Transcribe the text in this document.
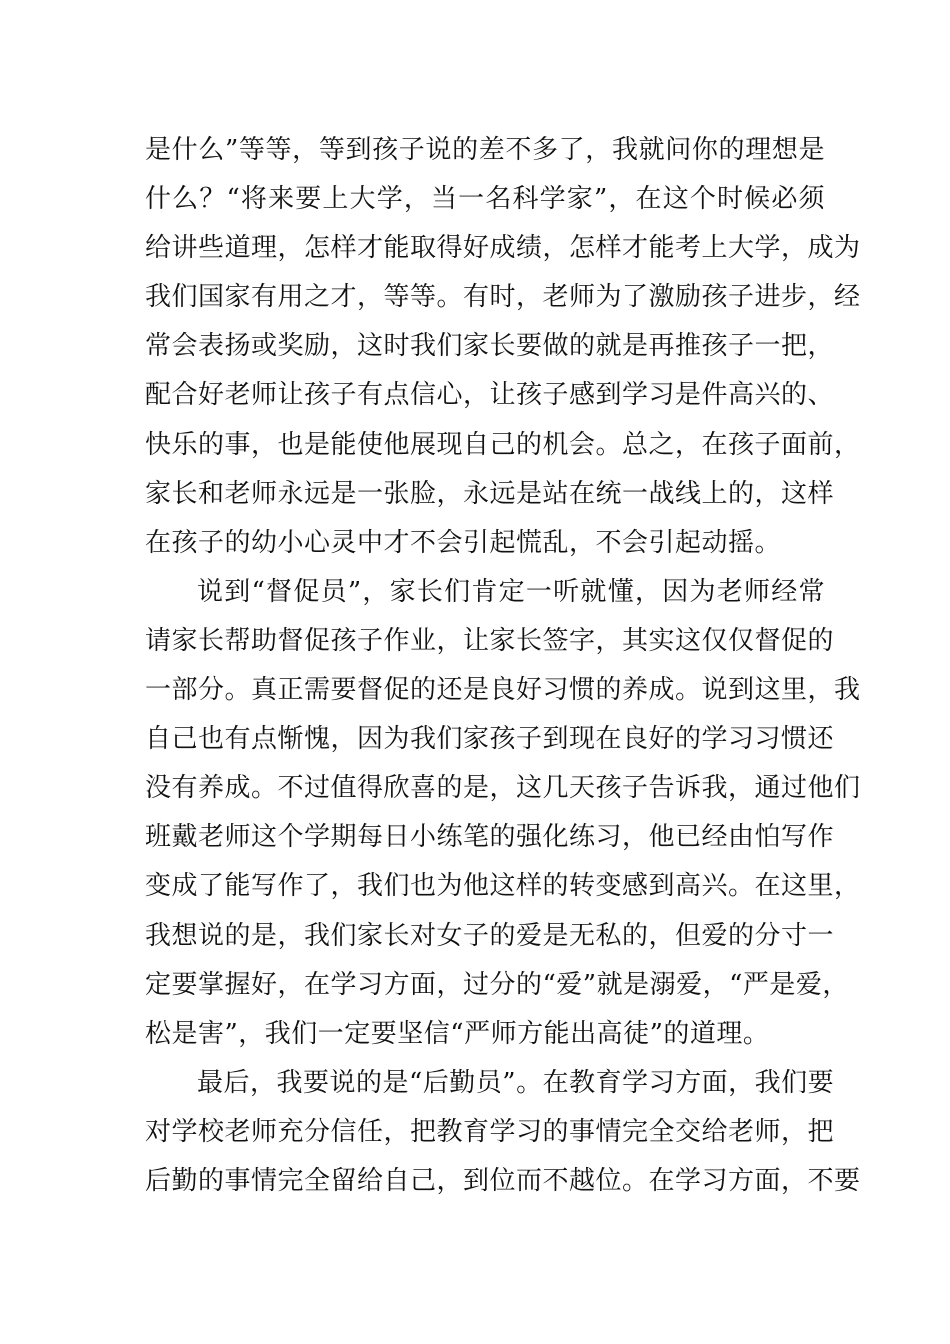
是什么”等等，等到孩子说的差不多了，我就问你的理想是
什么？“将来要上大学，当一名科学家”，在这个时候必须
给讲些道理，怎样才能取得好成绩，怎样才能考上大学，成为
我们国家有用之才，等等。有时，老师为了激励孩子进步，经
常会表扬或奖励，这时我们家长要做的就是再推孩子一把，
配合好老师让孩子有点信心，让孩子感到学习是件高兴的、
快乐的事，也是能使他展现自己的机会。总之，在孩子面前，
家长和老师永远是一张脸，永远是站在统一战线上的，这样
在孩子的幼小心灵中才不会引起慌乱，不会引起动摇。
说到“督促员”，家长们肯定一听就懂，因为老师经常
请家长帮助督促孩子作业，让家长签字，其实这仅仅督促的
一部分。真正需要督促的还是良好习惯的养成。说到这里，我
自己也有点惭愧，因为我们家孩子到现在良好的学习习惯还
没有养成。不过值得欣喜的是，这几天孩子告诉我，通过他们
班戴老师这个学期每日小练笔的强化练习，他已经由怕写作
变成了能写作了，我们也为他这样的转变感到高兴。在这里，
我想说的是，我们家长对女子的爱是无私的，但爱的分寸一
定要掌握好，在学习方面，过分的“爱”就是溺爱，“严是爱，
松是害”，我们一定要坚信“严师方能出高徒”的道理。
最后，我要说的是“后勤员”。在教育学习方面，我们要
对学校老师充分信任，把教育学习的事情完全交给老师，把
后勤的事情完全留给自己，到位而不越位。在学习方面，不要
